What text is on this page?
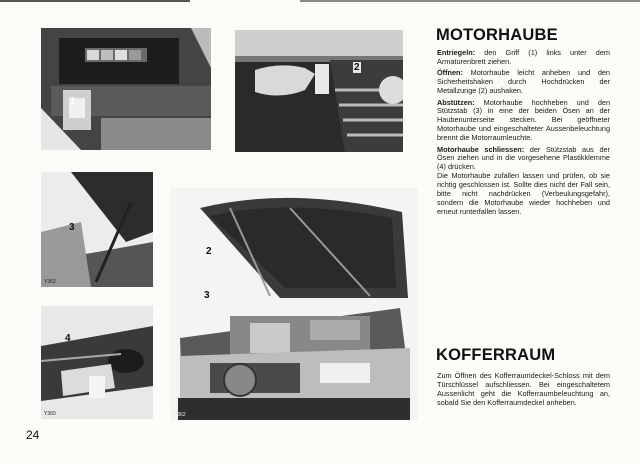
1
Y 519
2
3
Y363
2
3
Y362
4
Y360
MOTORHAUBE

Entriegeln: den Griff (1) links unter dem Armaturenbrett ziehen.

Öffnen: Motorhaube leicht anheben und den Sicherheitshaken durch Hochdrücken der Metallzunge (2) aushaken.

Abstützen: Motorhaube hochheben und den Stützstab (3) in eine der beiden Ösen an der Haubenunterseite stecken. Bei geöffneter Motorhaube und eingeschalteter Aussenbeleuchtung brennt die Motorraumleuchte.

Motorhaube schliessen: der Stützstab aus der Ösen ziehen und in die vorgesehene Plastikklemme (4) drücken.

Die Motorhaube zufallen lassen und prüfen, ob sie richtig geschlossen ist. Sollte dies nicht der Fall sein, bitte nicht nachdrücken (Verbeulungsgefahr), sondern die Motorhaube wieder hochheben und erneut runterfallen lassen.

KOFFERRAUM
Zum Öffnen des Kofferraumdeckel-Schloss mit dem Türschlüssel aufschliessen. Bei eingeschaltetem Aussenlicht geht die Kofferraumbeleuchtung an, sobald Sie den Kofferraumdeckel anheben.
24
